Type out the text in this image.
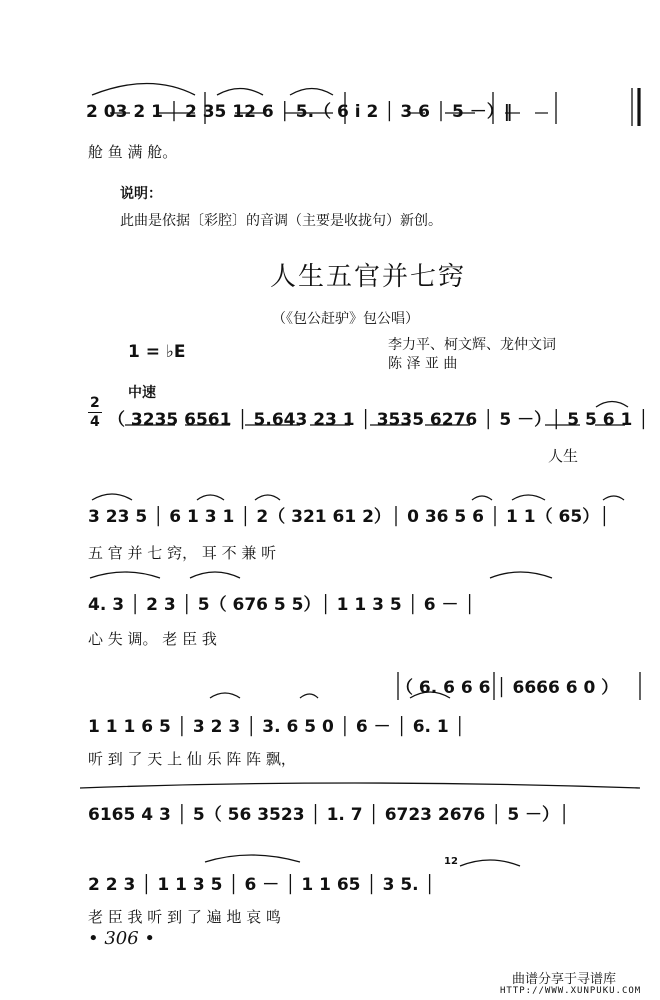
2 03 2 1 │ 2 35 12 6 │ 5.（ 6 i 2 │ 3 6 │ 5 －）‖
舱 鱼 满 舱。
说明：
此曲是依据〔彩腔〕的音调（主要是收拢句）新创。
人生五官并七窍
（《包公赶驴》包公唱）
1 = ♭E	李力平、柯文辉、龙仲文词
陈 泽 亚 曲
中速
2
4 （ 3235 6561 │ 5.643 23 1 │ 3535 6276 │ 5 －）│ 5 5 6 1 │
人生
3 23 5 │ 6 1 3 1 │ 2（ 321 61 2）│ 0 36 5 6 │ 1 1（ 65）│
五 官 并 七 窍， 耳 不 兼 听
4. 3 │ 2 3 │ 5（ 676 5 5）│ 1 1 3 5 │ 6 － │
心 失 调。 老 臣 我
（ 6. 6 6 6 │ 6666 6 0 ）
1 1 1 6 5 │ 3 2 3 │ 3. 6 5 0 │ 6 － │ 6. 1 │
听 到 了 天 上 仙 乐 阵 阵 飘，
6165 4 3 │ 5（ 56 3523 │ 1. 7 │ 6723 2676 │ 5 －）│
12
2 2 3 │ 1 1 3 5 │ 6 － │ 1 1 65 │ 3 5. │
老 臣 我 听 到 了 遍 地 哀 鸣
• 306 •
曲谱分享于寻谱库
HTTP://WWW.XUNPUKU.COM
